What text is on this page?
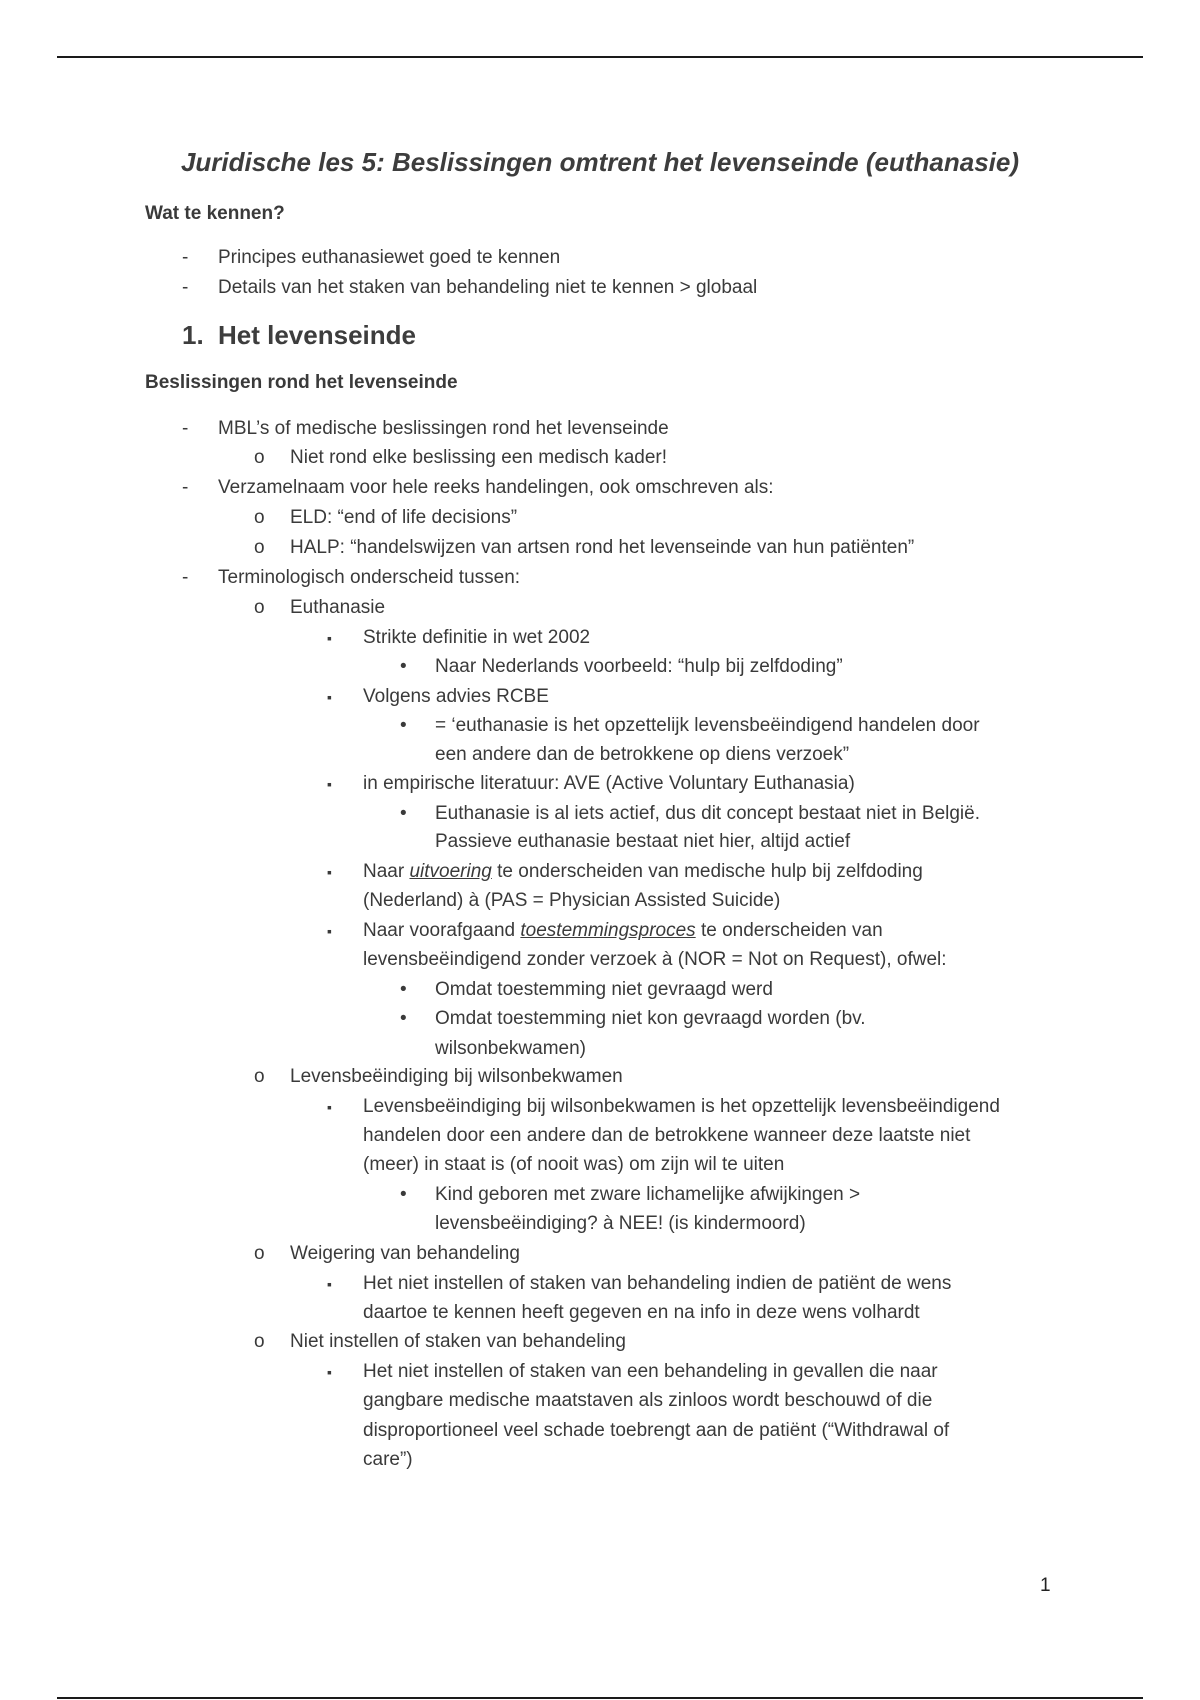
Juridische les 5: Beslissingen omtrent het levenseinde (euthanasie)
Wat te kennen?
- Principes euthanasiewet goed te kennen
- Details van het staken van behandeling niet te kennen > globaal
1. Het levenseinde
Beslissingen rond het levenseinde
- MBL’s of medische beslissingen rond het levenseinde
o Niet rond elke beslissing een medisch kader!
- Verzamelnaam voor hele reeks handelingen, ook omschreven als:
o ELD: “end of life decisions”
o HALP: “handelswijzen van artsen rond het levenseinde van hun patiënten”
- Terminologisch onderscheid tussen:
o Euthanasie
▪ Strikte definitie in wet 2002
• Naar Nederlands voorbeeld: “hulp bij zelfdoding”
▪ Volgens advies RCBE
• = ‘euthanasie is het opzettelijk levensbeëindigend handelen door
een andere dan de betrokkene op diens verzoek”
▪ in empirische literatuur: AVE (Active Voluntary Euthanasia)
• Euthanasie is al iets actief, dus dit concept bestaat niet in België.
Passieve euthanasie bestaat niet hier, altijd actief
▪ Naar uitvoering te onderscheiden van medische hulp bij zelfdoding
(Nederland) à (PAS = Physician Assisted Suicide)
▪ Naar voorafgaand toestemmingsproces te onderscheiden van
levensbeëindigend zonder verzoek à (NOR = Not on Request), ofwel:
• Omdat toestemming niet gevraagd werd
• Omdat toestemming niet kon gevraagd worden (bv.
wilsonbekwamen)
o Levensbeëindiging bij wilsonbekwamen
▪ Levensbeëindiging bij wilsonbekwamen is het opzettelijk levensbeëindigend
handelen door een andere dan de betrokkene wanneer deze laatste niet
(meer) in staat is (of nooit was) om zijn wil te uiten
• Kind geboren met zware lichamelijke afwijkingen >
levensbeëindiging? à NEE! (is kindermoord)
o Weigering van behandeling
▪ Het niet instellen of staken van behandeling indien de patiënt de wens
daartoe te kennen heeft gegeven en na info in deze wens volhardt
o Niet instellen of staken van behandeling
▪ Het niet instellen of staken van een behandeling in gevallen die naar
gangbare medische maatstaven als zinloos wordt beschouwd of die
disproportioneel veel schade toebrengt aan de patiënt (“Withdrawal of
care”)
1
